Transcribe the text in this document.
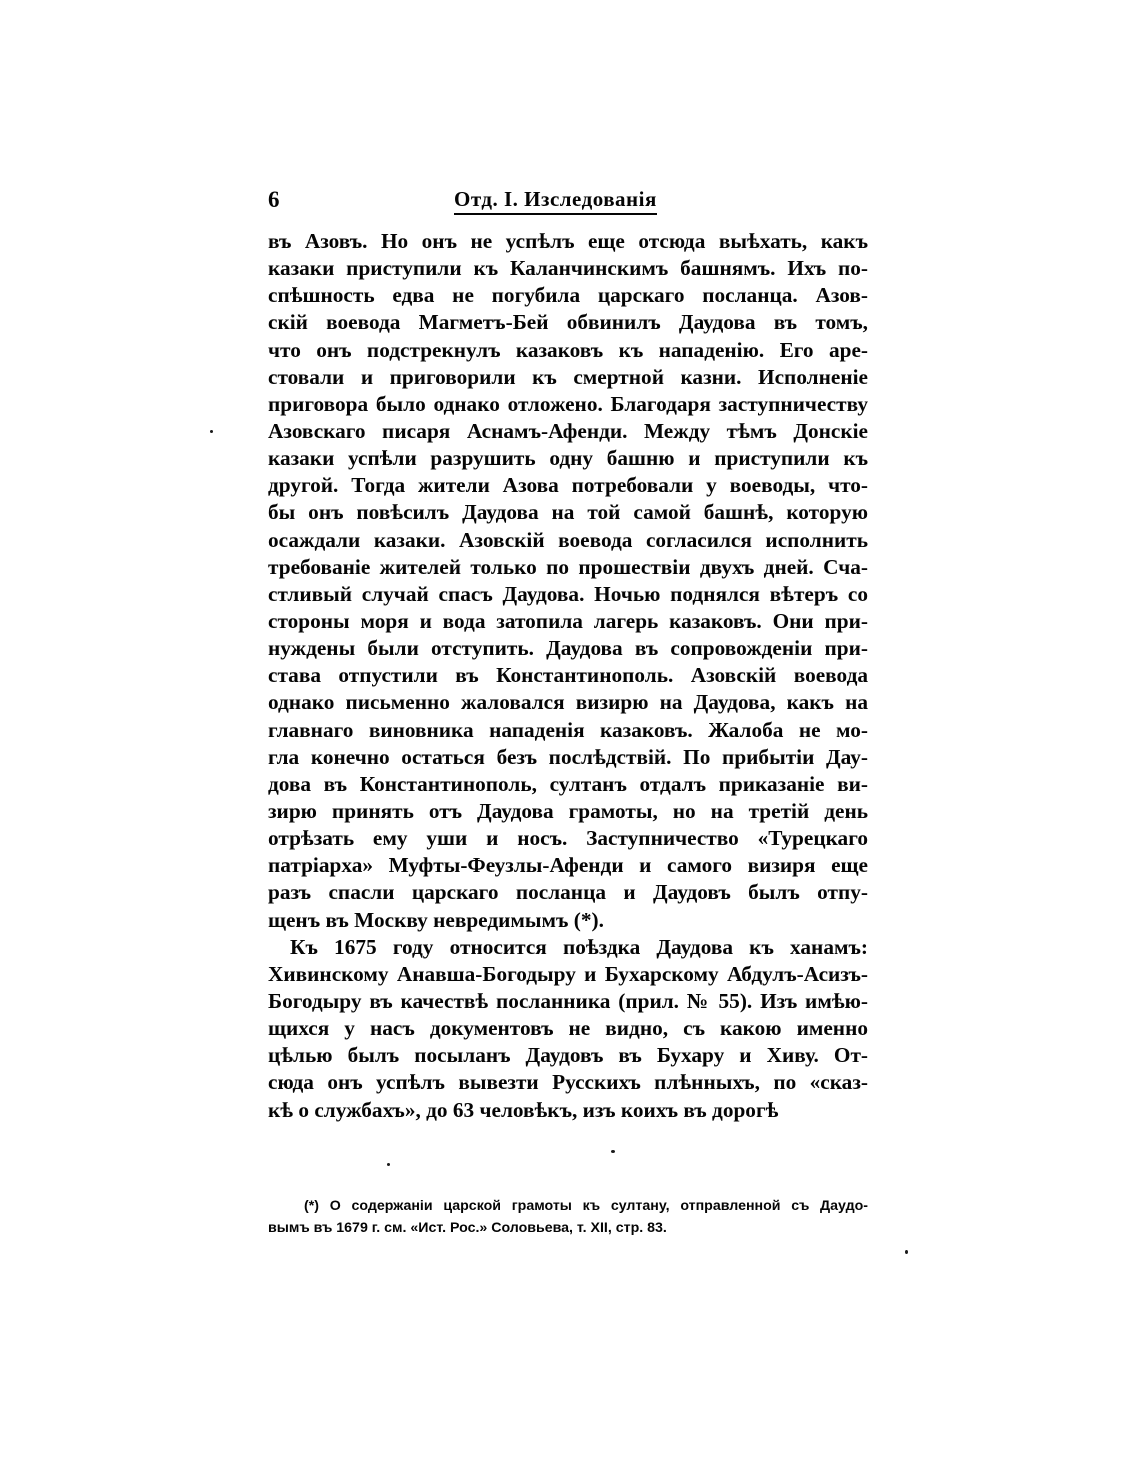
6	Отд. I. Изследованія
въ Азовъ. Но онъ не успѣлъ еще отсюда выѣхать, какъ
казаки приступили къ Каланчинскимъ башнямъ. Ихъ по-
спѣшность едва не погубила царскаго посланца. Азов-
скій воевода Магметъ-Бей обвинилъ Даудова въ томъ,
что онъ подстрекнулъ казаковъ къ нападенію. Его аре-
стовали и приговорили къ смертной казни. Исполненіе
приговора было однако отложено. Благодаря заступничеству
Азовскаго писаря Аснамъ-Афенди. Между тѣмъ Донскіе
казаки успѣли разрушить одну башню и приступили къ
другой. Тогда жители Азова потребовали у воеводы, что-
бы онъ повѣсилъ Даудова на той самой башнѣ, которую
осаждали казаки. Азовскій воевода согласился исполнить
требованіе жителей только по прошествіи двухъ дней. Сча-
стливый случай спасъ Даудова. Ночью поднялся вѣтеръ со
стороны моря и вода затопила лагерь казаковъ. Они при-
нуждены были отступить. Даудова въ сопровожденіи при-
става отпустили въ Константинополь. Азовскій воевода
однако письменно жаловался визирю на Даудова, какъ на
главнаго виновника нападенія казаковъ. Жалоба не мо-
гла конечно остаться безъ послѣдствій. По прибытіи Дау-
дова въ Константинополь, султанъ отдалъ приказаніе ви-
зирю принять отъ Даудова грамоты, но на третій день
отрѣзать ему уши и носъ. Заступничество «Турецкаго
патріарха» Муфты-Феузлы-Афенди и самого визиря еще
разъ спасли царскаго посланца и Даудовъ былъ отпу-
щенъ въ Москву невредимымъ (*).
Къ 1675 году относится поѣздка Даудова къ ханамъ:
Хивинскому Анавша-Богодыру и Бухарскому Абдулъ-Асизъ-
Богодыру въ качествѣ посланника (прил. № 55). Изъ имѣю-
щихся у насъ документовъ не видно, съ какою именно
цѣлью былъ посыланъ Даудовъ въ Бухару и Хиву. От-
сюда онъ успѣлъ вывезти Русскихъ плѣнныхъ, по «сказ-
кѣ о службахъ», до 63 человѣкъ, изъ коихъ въ дорогѣ
(*) О содержаніи царской грамоты къ султану, отправленной съ Даудо-
вымъ въ 1679 г. см. «Ист. Рос.» Соловьева, т. XII, стр. 83.
